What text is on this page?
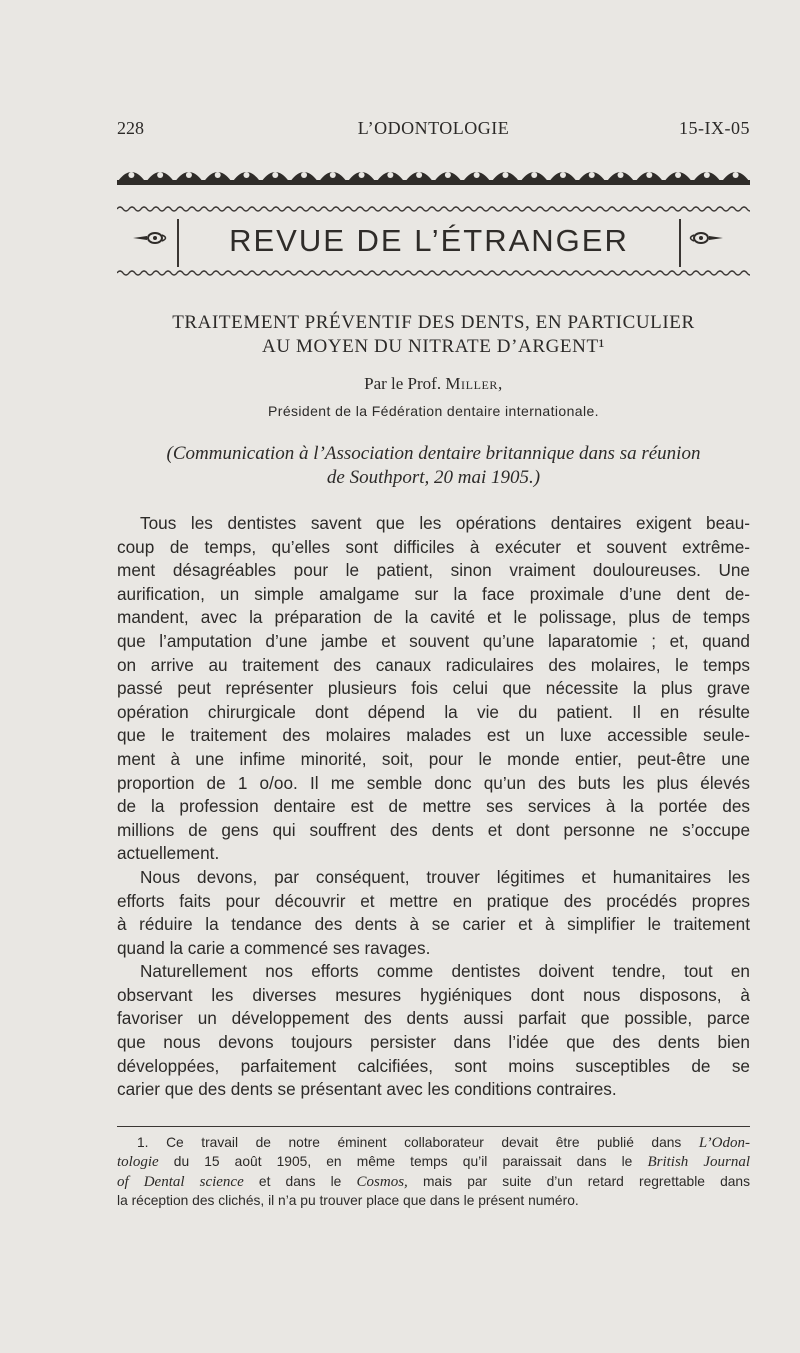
228	L’ODONTOLOGIE	15-IX-05
REVUE DE L’ÉTRANGER
TRAITEMENT PRÉVENTIF DES DENTS, EN PARTICULIER
AU MOYEN DU NITRATE D’ARGENT¹
Par le Prof. Miller,
Président de la Fédération dentaire internationale.
(Communication à l’Association dentaire britannique dans sa réunion
de Southport, 20 mai 1905.)
Tous les dentistes savent que les opérations dentaires exigent beau-
coup de temps, qu’elles sont difficiles à exécuter et souvent extrême-
ment désagréables pour le patient, sinon vraiment douloureuses. Une
aurification, un simple amalgame sur la face proximale d’une dent de-
mandent, avec la préparation de la cavité et le polissage, plus de temps
que l’amputation d’une jambe et souvent qu’une laparatomie ; et, quand
on arrive au traitement des canaux radiculaires des molaires, le temps
passé peut représenter plusieurs fois celui que nécessite la plus grave
opération chirurgicale dont dépend la vie du patient. Il en résulte
que le traitement des molaires malades est un luxe accessible seule-
ment à une infime minorité, soit, pour le monde entier, peut-être une
proportion de 1 o/oo. Il me semble donc qu’un des buts les plus élevés
de la profession dentaire est de mettre ses services à la portée des
millions de gens qui souffrent des dents et dont personne ne s’occupe
actuellement.
Nous devons, par conséquent, trouver légitimes et humanitaires les
efforts faits pour découvrir et mettre en pratique des procédés propres
à réduire la tendance des dents à se carier et à simplifier le traitement
quand la carie a commencé ses ravages.
Naturellement nos efforts comme dentistes doivent tendre, tout en
observant les diverses mesures hygiéniques dont nous disposons, à
favoriser un développement des dents aussi parfait que possible, parce
que nous devons toujours persister dans l’idée que des dents bien
développées, parfaitement calcifiées, sont moins susceptibles de se
carier que des dents se présentant avec les conditions contraires.
1. Ce travail de notre éminent collaborateur devait être publié dans L’Odon-
tologie du 15 août 1905, en même temps qu’il paraissait dans le British Journal
of Dental science et dans le Cosmos, mais par suite d’un retard regrettable dans
la réception des clichés, il n’a pu trouver place que dans le présent numéro.
